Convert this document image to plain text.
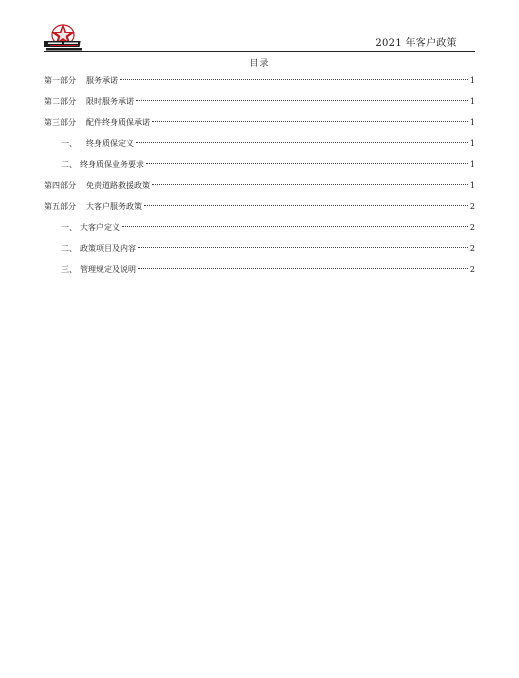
2021 年客户政策
目录
第一部分 服务承诺	1
第二部分 限时服务承诺	1
第三部分 配件终身质保承诺	1
一、 终身质保定义	1
二、 终身质保业务要求	1
第四部分 免责道路救援政策	1
第五部分 大客户服务政策	2
一、 大客户定义	2
二、 政策项目及内容	2
三、 管理规定及说明	2
